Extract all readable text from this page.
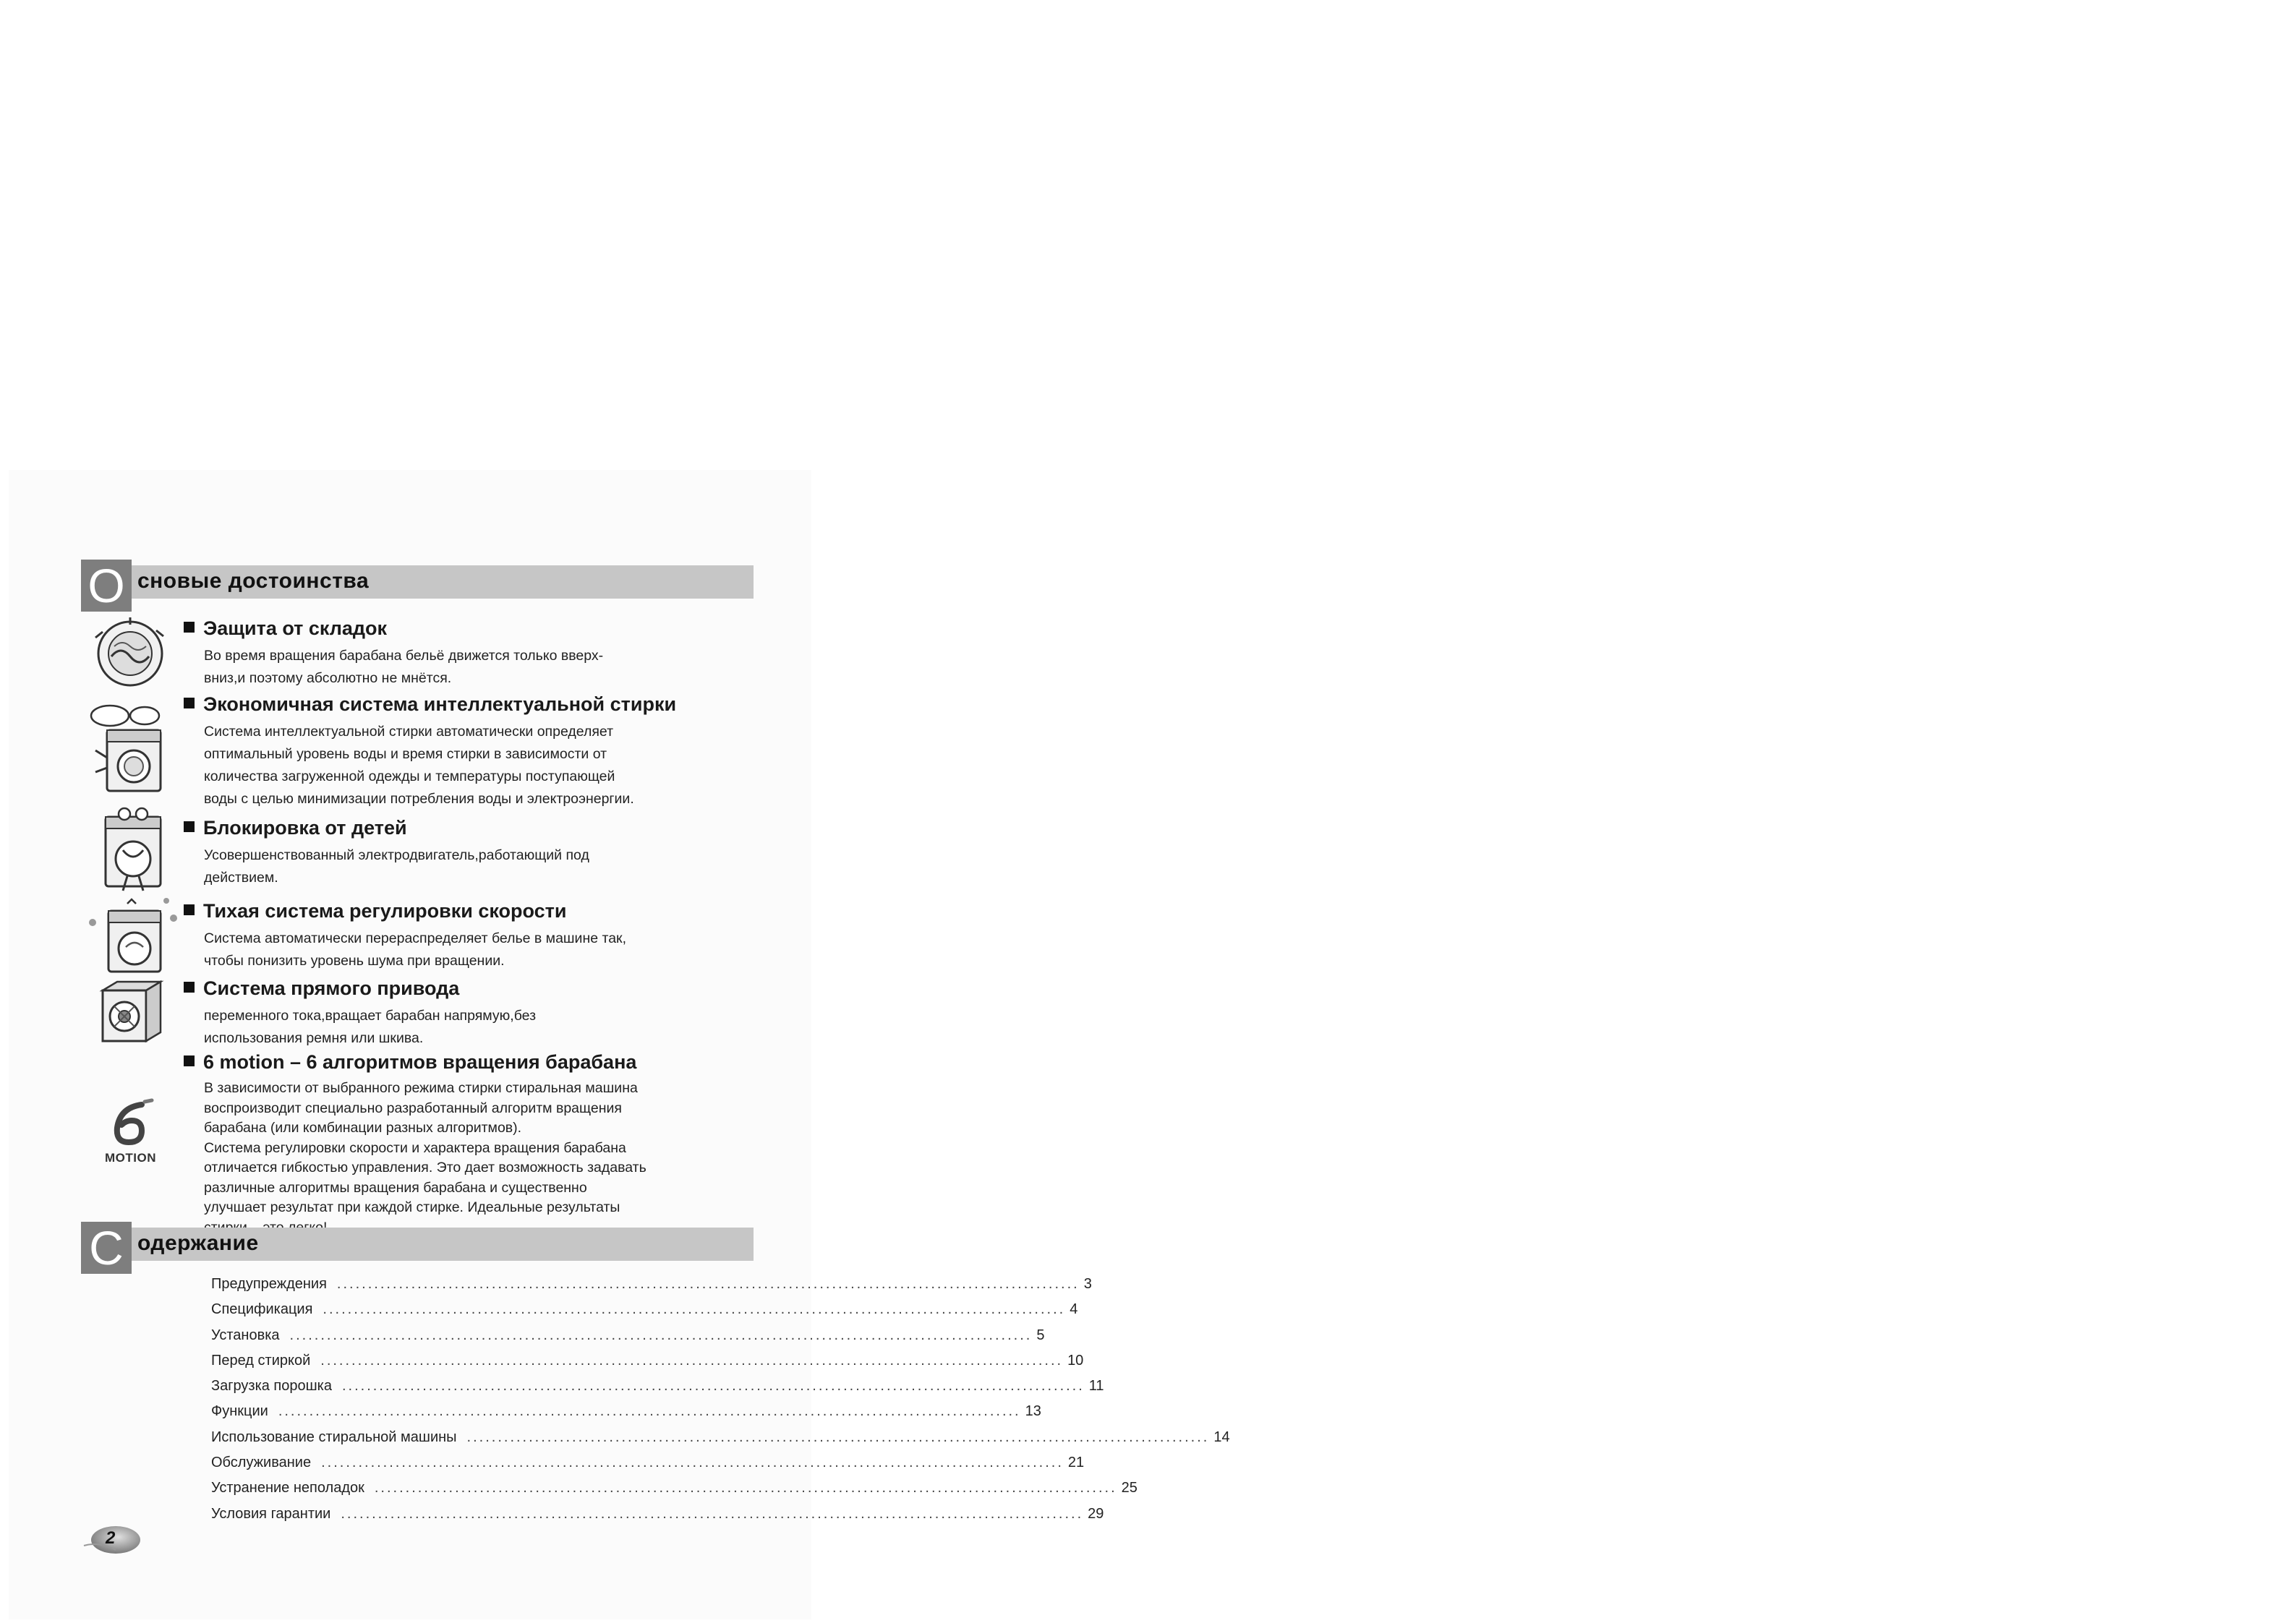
О сновые достоинства
MOTION
Эащита от складок
Во время вращения барабана бельё движется только вверх-
вниз,и поэтому абсолютно не мнётся.
Экономичная система интеллектуальной стирки
Система интеллектуальной стирки автоматически определяет
оптимальный уровень воды и время стирки в зависимости от
количества загруженной одежды и температуры поступающей
воды с целью минимизации потребления воды и электроэнергии.
Блокировка от детей
Усовершенствованный электродвигатель,работающий под
действием.
Тихая система регулировки скорости
Система автоматически перераспределяет белье в машине так,
чтобы понизить уровень шума при вращении.
Система прямого привода
переменного тока,вращает барабан напрямую,без
использования ремня или шкива.
6 motion – 6 алгоритмов вращения барабана
В зависимости от выбранного режима стирки стиральная машина
воспроизводит специально разработанный алгоритм вращения
барабана (или комбинации разных алгоритмов).
Система регулировки скорости и характера вращения барабана
отличается гибкостью управления. Это дает возможность задавать
различные алгоритмы вращения барабана и существенно
улучшает результат при каждой стирке. Идеальные результаты

С одержание
Предупреждения ........................................................................................................................ 3
Спецификация ........................................................................................................................ 4
Установка ........................................................................................................................ 5
Перед стиркой ........................................................................................................................ 10
Загрузка порошка ........................................................................................................................ 11
Функции ........................................................................................................................ 13
Использование стиральной машины ........................................................................................................................ 14
Обслуживание ........................................................................................................................ 21
Устранение неполадок ........................................................................................................................ 25
Условия гарантии ........................................................................................................................ 29
2
